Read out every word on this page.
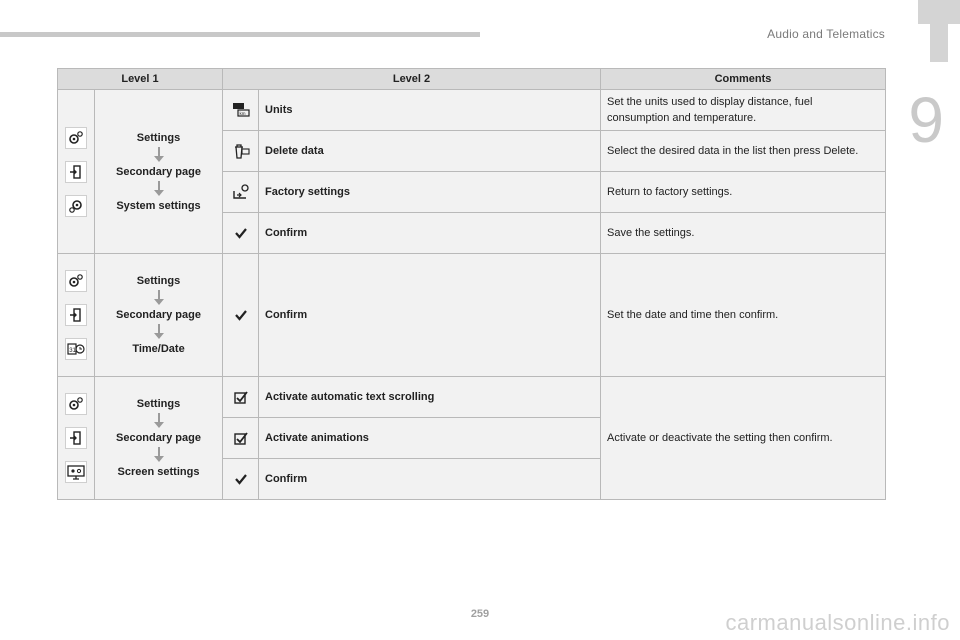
Audio and Telematics
9
Level 1		Level 2		Comments

Settings
Secondary page
System settings	km	Units	Set the units used to display distance, fuel consumption and temperature.

	Delete data	Select the desired data in the list then press Delete.

	Factory settings	Return to factory settings.

	Confirm	Save the settings.

31	Settings
Secondary page
Time/Date		Confirm	Set the date and time then confirm.

Settings
Secondary page
Screen settings		Activate automatic text scrolling	Activate or deactivate the setting then confirm.

	Activate animations	

	Confirm	
259	carmanualsonline.info
